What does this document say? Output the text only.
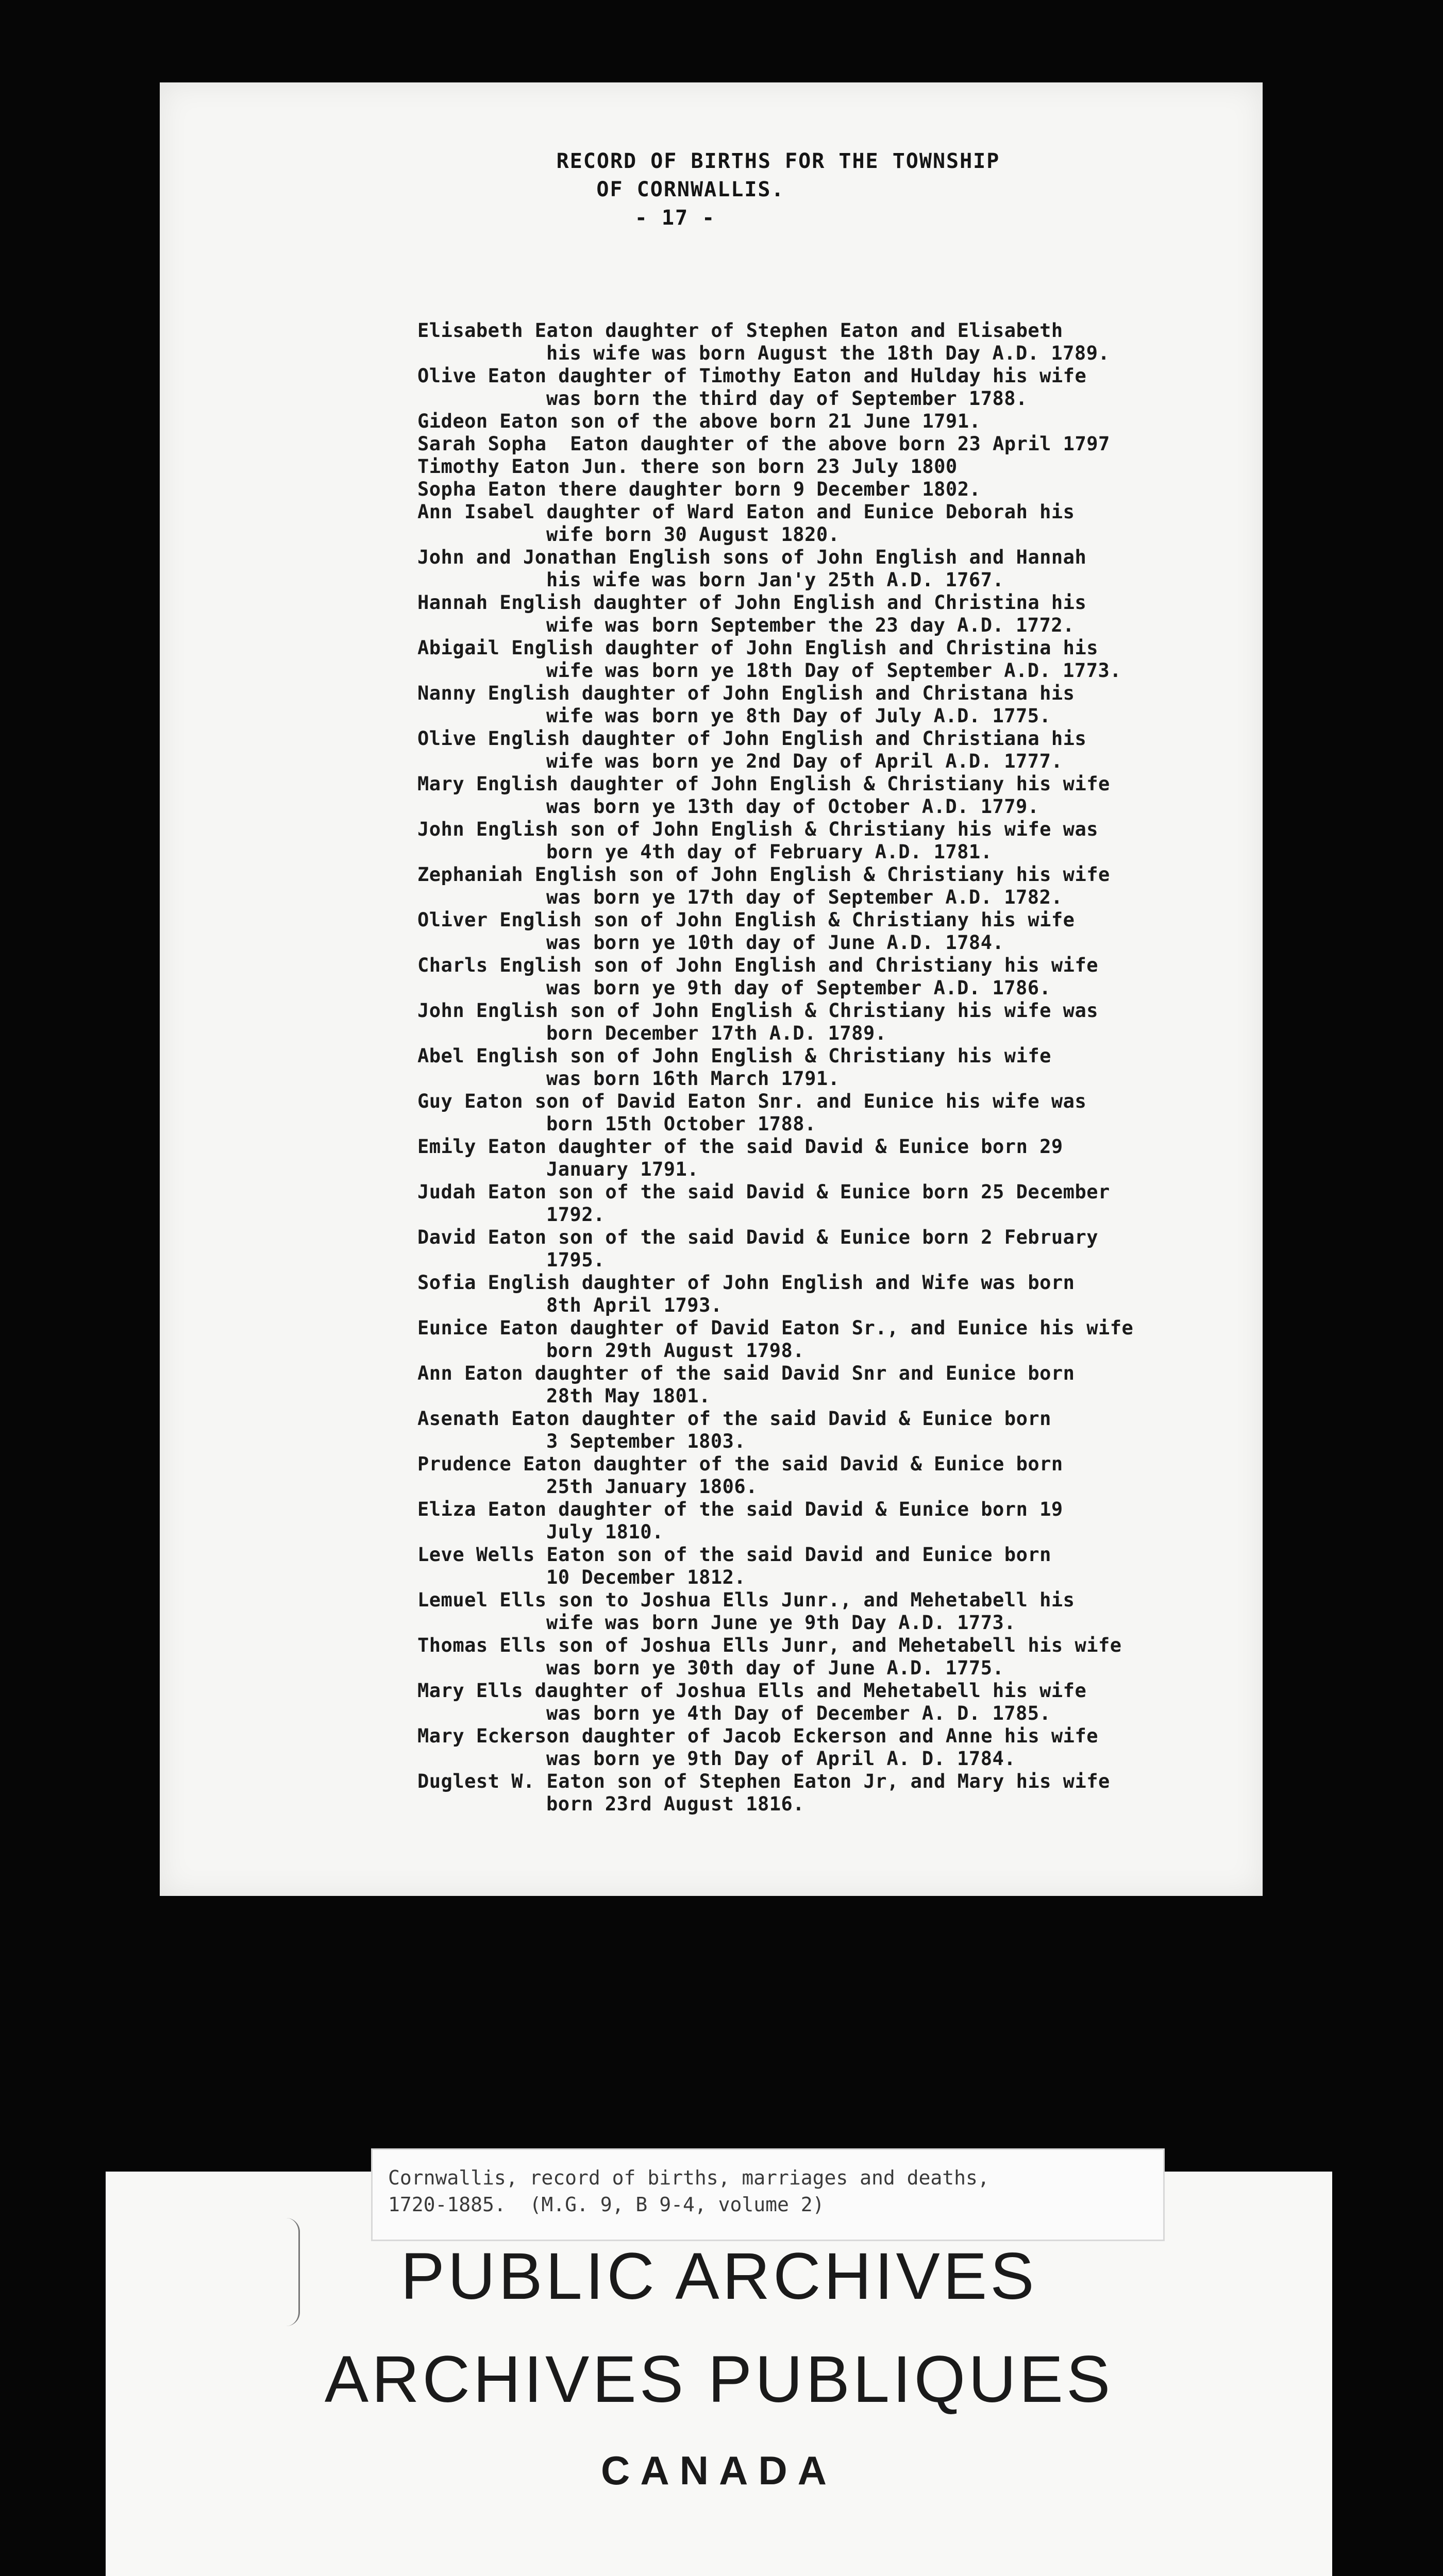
RECORD OF BIRTHS FOR THE TOWNSHIP
OF CORNWALLIS.
- 17 -
Elisabeth Eaton daughter of Stephen Eaton and Elisabeth
his wife was born August the 18th Day A.D. 1789.
Olive Eaton daughter of Timothy Eaton and Hulday his wife
was born the third day of September 1788.
Gideon Eaton son of the above born 21 June 1791.
Sarah Sopha  Eaton daughter of the above born 23 April 1797
Timothy Eaton Jun. there son born 23 July 1800
Sopha Eaton there daughter born 9 December 1802.
Ann Isabel daughter of Ward Eaton and Eunice Deborah his
wife born 30 August 1820.
John and Jonathan English sons of John English and Hannah
his wife was born Jan'y 25th A.D. 1767.
Hannah English daughter of John English and Christina his
wife was born September the 23 day A.D. 1772.
Abigail English daughter of John English and Christina his
wife was born ye 18th Day of September A.D. 1773.
Nanny English daughter of John English and Christana his
wife was born ye 8th Day of July A.D. 1775.
Olive English daughter of John English and Christiana his
wife was born ye 2nd Day of April A.D. 1777.
Mary English daughter of John English & Christiany his wife
was born ye 13th day of October A.D. 1779.
John English son of John English & Christiany his wife was
born ye 4th day of February A.D. 1781.
Zephaniah English son of John English & Christiany his wife
was born ye 17th day of September A.D. 1782.
Oliver English son of John English & Christiany his wife
was born ye 10th day of June A.D. 1784.
Charls English son of John English and Christiany his wife
was born ye 9th day of September A.D. 1786.
John English son of John English & Christiany his wife was
born December 17th A.D. 1789.
Abel English son of John English & Christiany his wife
was born 16th March 1791.
Guy Eaton son of David Eaton Snr. and Eunice his wife was
born 15th October 1788.
Emily Eaton daughter of the said David & Eunice born 29
January 1791.
Judah Eaton son of the said David & Eunice born 25 December
1792.
David Eaton son of the said David & Eunice born 2 February
1795.
Sofia English daughter of John English and Wife was born
8th April 1793.
Eunice Eaton daughter of David Eaton Sr., and Eunice his wife
born 29th August 1798.
Ann Eaton daughter of the said David Snr and Eunice born
28th May 1801.
Asenath Eaton daughter of the said David & Eunice born
3 September 1803.
Prudence Eaton daughter of the said David & Eunice born
25th January 1806.
Eliza Eaton daughter of the said David & Eunice born 19
July 1810.
Leve Wells Eaton son of the said David and Eunice born
10 December 1812.
Lemuel Ells son to Joshua Ells Junr., and Mehetabell his
wife was born June ye 9th Day A.D. 1773.
Thomas Ells son of Joshua Ells Junr, and Mehetabell his wife
was born ye 30th day of June A.D. 1775.
Mary Ells daughter of Joshua Ells and Mehetabell his wife
was born ye 4th Day of December A. D. 1785.
Mary Eckerson daughter of Jacob Eckerson and Anne his wife
was born ye 9th Day of April A. D. 1784.
Duglest W. Eaton son of Stephen Eaton Jr, and Mary his wife
born 23rd August 1816.
Cornwallis, record of births, marriages and deaths,
1720-1885.  (M.G. 9, B 9-4, volume 2)
PUBLIC ARCHIVES
ARCHIVES PUBLIQUES
CANADA
